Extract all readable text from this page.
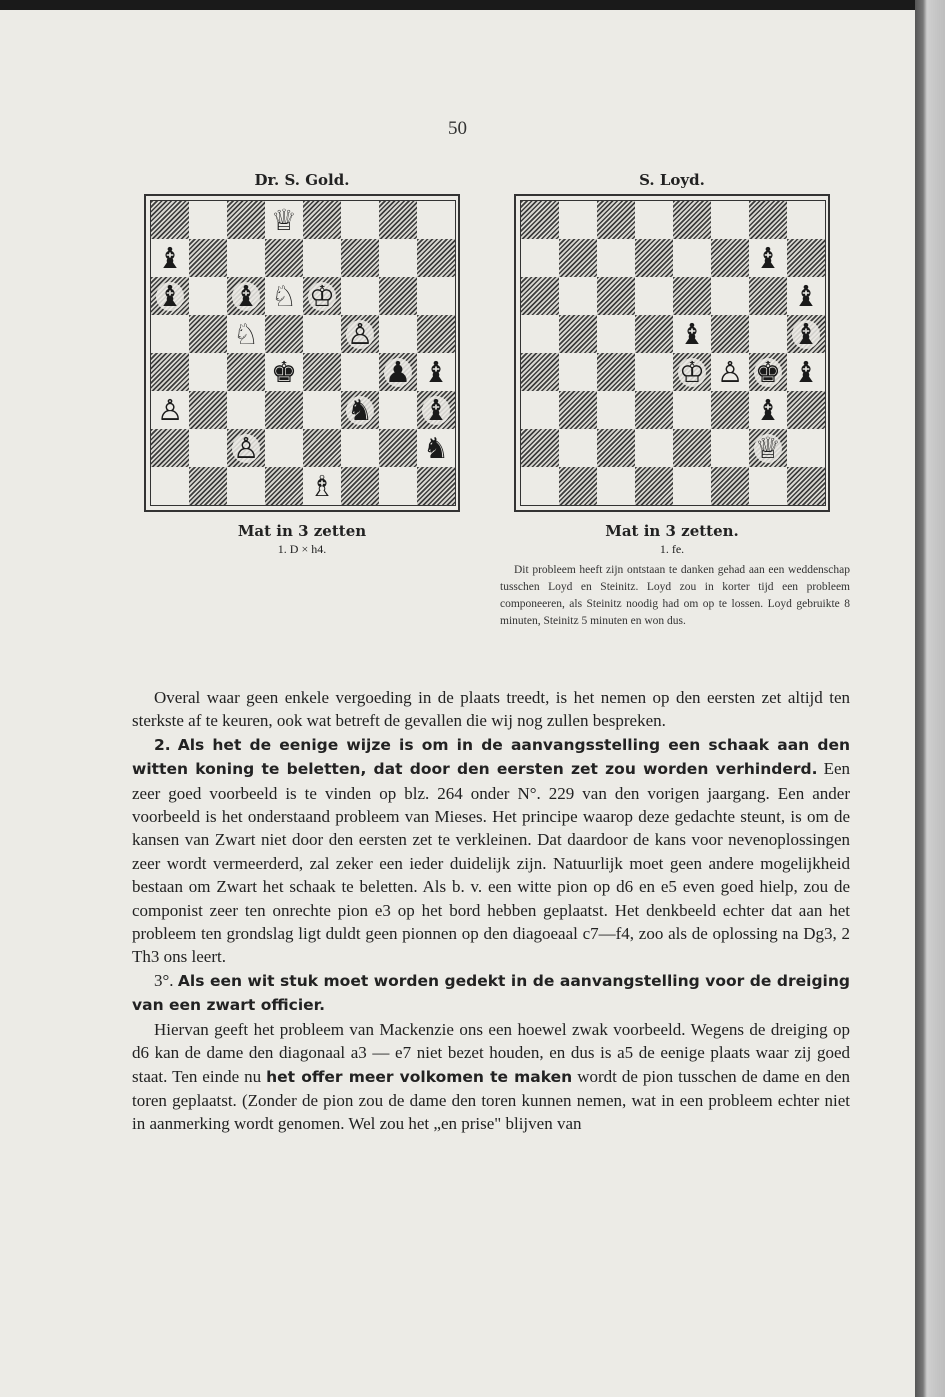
50
Dr. S. Gold.
♕
♝
♝ ♝ ♘ ♔
♘	♙
♚	♟ ♝
♙	♞ ♝
♙	♞
♗
Mat in 3 zetten
1. D × h4.
S. Loyd.
♝
♝
♝	♝
♔ ♙ ♚ ♝
♝
♕
Mat in 3 zetten.
1. fe.
Dit probleem heeft zijn ontstaan te danken gehad aan een weddenschap tusschen Loyd en Steinitz. Loyd zou in korter tijd een probleem componeeren, als Steinitz noodig had om op te lossen. Loyd gebruikte 8 minuten, Steinitz 5 minuten en won dus.

Overal waar geen enkele vergoeding in de plaats treedt, is het nemen op den eersten zet altijd ten sterkste af te keuren, ook wat betreft de gevallen die wij nog zullen bespreken.

2. Als het de eenige wijze is om in de aanvangsstelling een schaak aan den witten koning te beletten, dat door den eersten zet zou worden verhinderd. Een zeer goed voorbeeld is te vinden op blz. 264 onder N°. 229 van den vorigen jaargang. Een ander voorbeeld is het onderstaand probleem van Mieses. Het principe waarop deze gedachte steunt, is om de kansen van Zwart niet door den eersten zet te verkleinen. Dat daardoor de kans voor nevenoplossingen zeer wordt vermeerderd, zal zeker een ieder duidelijk zijn. Natuurlijk moet geen andere mogelijkheid bestaan om Zwart het schaak te beletten. Als b. v. een witte pion op d6 en e5 even goed hielp, zou de componist zeer ten onrechte pion e3 op het bord hebben geplaatst. Het denkbeeld echter dat aan het probleem ten grondslag ligt duldt geen pionnen op den diagoeaal c7—f4, zoo als de oplossing na Dg3, 2 Th3 ons leert.

3°. Als een wit stuk moet worden gedekt in de aanvangstelling voor de dreiging van een zwart officier.

Hiervan geeft het probleem van Mackenzie ons een hoewel zwak voorbeeld. Wegens de dreiging op d6 kan de dame den diagonaal a3 — e7 niet bezet houden, en dus is a5 de eenige plaats waar zij goed staat. Ten einde nu het offer meer volkomen te maken wordt de pion tusschen de dame en den toren geplaatst. (Zonder de pion zou de dame den toren kunnen nemen, wat in een probleem echter niet in aanmerking wordt genomen. Wel zou het „en prise" blijven van
